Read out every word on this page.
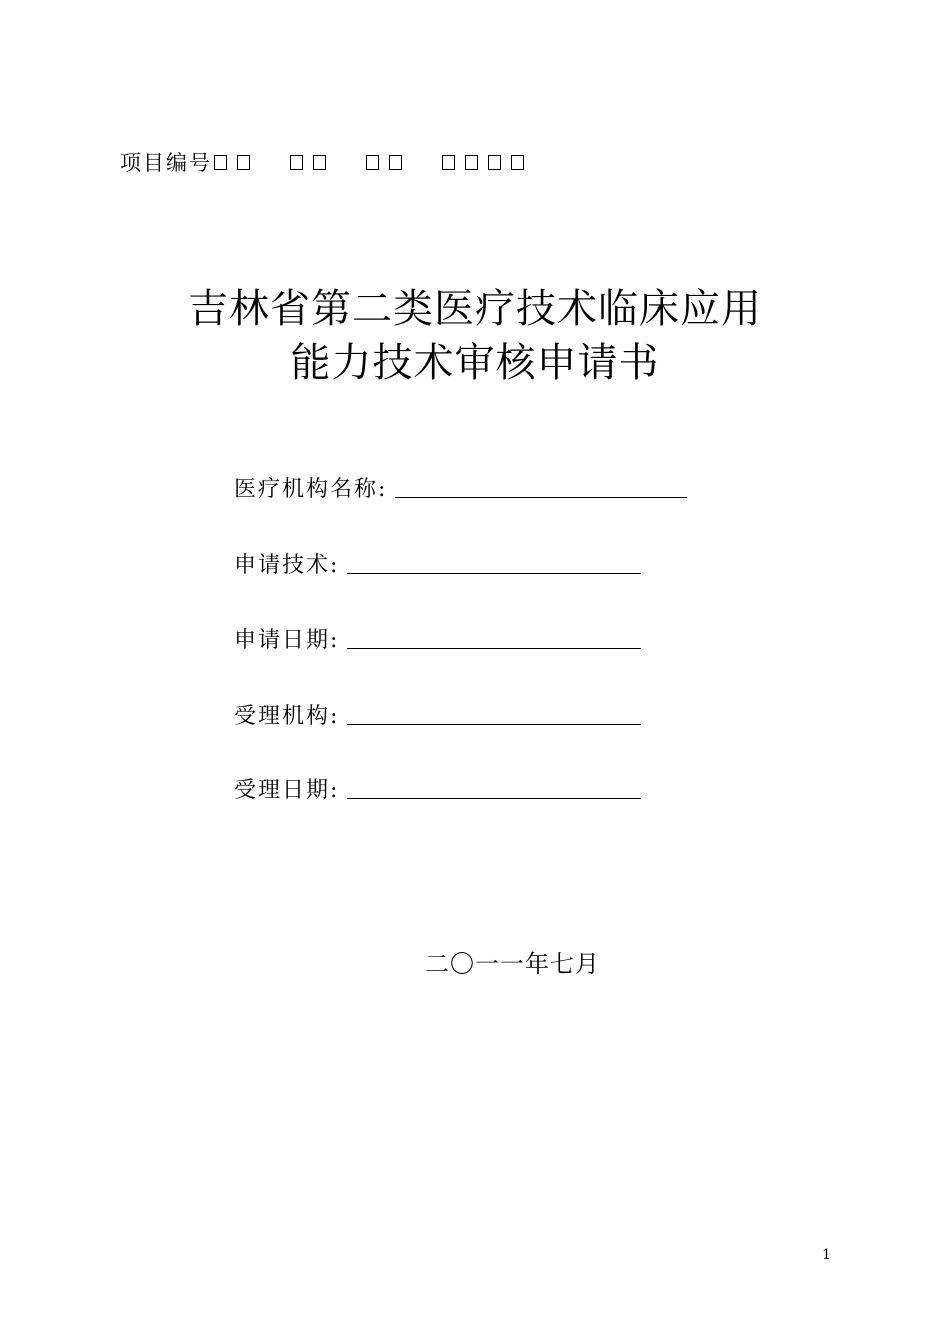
项目编号
吉林省第二类医疗技术临床应用
能力技术审核申请书
医疗机构名称:
申请技术:
申请日期:
受理机构:
受理日期:
二〇一一年七月
1
